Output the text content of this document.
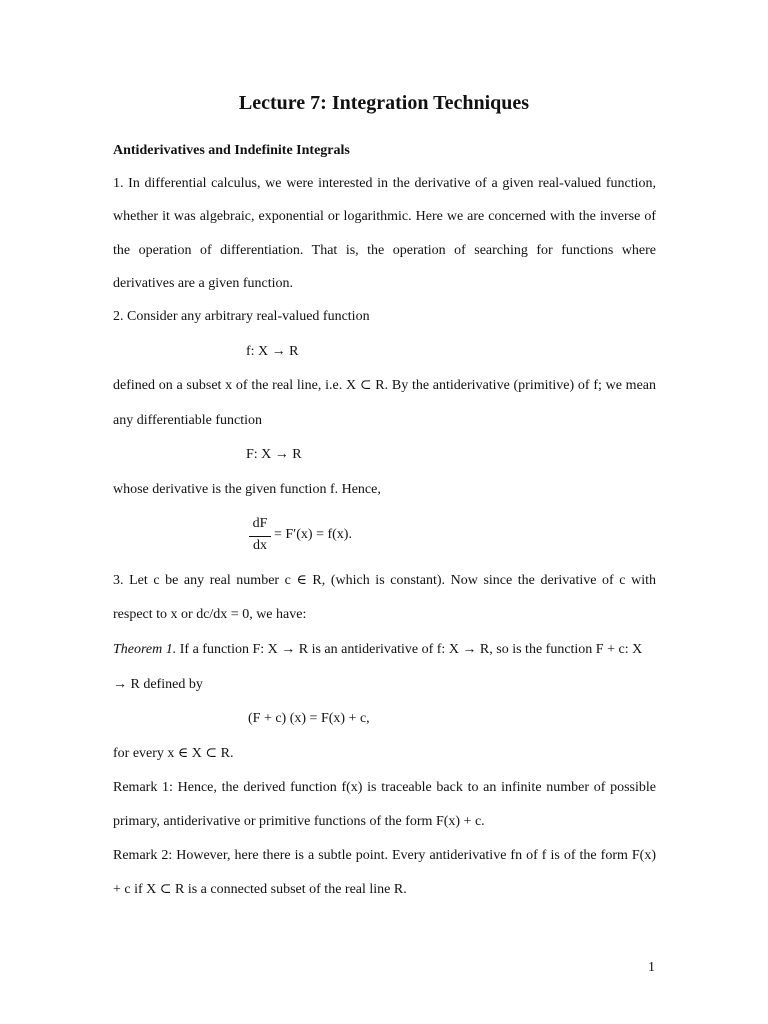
Lecture 7: Integration Techniques
Antiderivatives and Indefinite Integrals
1. In differential calculus, we were interested in the derivative of a given real-valued function,
whether it was algebraic, exponential or logarithmic. Here we are concerned with the inverse of
the operation of differentiation. That is, the operation of searching for functions where
derivatives are a given function.
2. Consider any arbitrary real-valued function
f: X → R
defined on a subset x of the real line, i.e. X ⊂ R. By the antiderivative (primitive) of f; we mean
any differentiable function
F: X → R
whose derivative is the given function f. Hence,
dF
dx
= F′(x) = f(x).
3. Let c be any real number c ∈ R, (which is constant). Now since the derivative of c with
respect to x or dc/dx = 0, we have:
Theorem 1. If a function F: X → R is an antiderivative of f: X → R, so is the function F + c: X
→ R defined by
(F + c) (x) = F(x) + c,
for every x ∈ X ⊂ R.
Remark 1: Hence, the derived function f(x) is traceable back to an infinite number of possible
primary, antiderivative or primitive functions of the form F(x) + c.
Remark 2: However, here there is a subtle point. Every antiderivative fn of f is of the form F(x)
+ c if X ⊂ R is a connected subset of the real line R.
1
